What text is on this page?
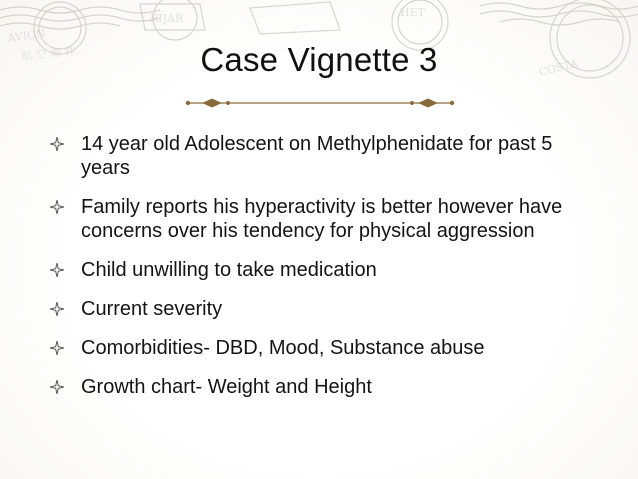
AVION
航 空 邮 件
RIJAR
COSTA
HET
Case Vignette 3
14 year old Adolescent on Methylphenidate for past 5 years
Family reports his hyperactivity is better however have concerns over his tendency for physical aggression
Child unwilling to take medication
Current severity
Comorbidities- DBD, Mood, Substance abuse
Growth chart- Weight and Height
